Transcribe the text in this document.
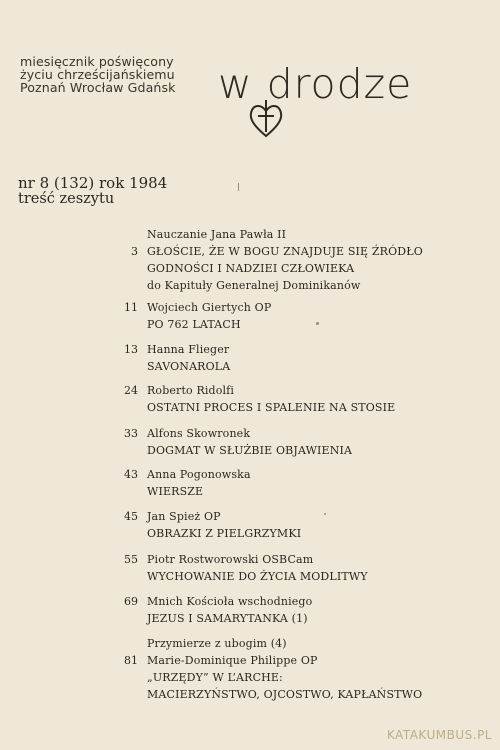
miesięcznik poświęcony
życiu chrześcijańskiemu
Poznań Wrocław Gdańsk w drodze
nr 8 (132) rok 1984
treść zeszytu
3
Nauczanie Jana Pawła II
GŁOŚCIE, ŻE W BOGU ZNAJDUJE SIĘ ŹRÓDŁO
GODNOŚCI I NADZIEI CZŁOWIEKA
do Kapituły Generalnej Dominikanów
11 Wojciech Giertych OP
PO 762 LATACH
13 Hanna Flieger
SAVONAROLA
24 Roberto Ridolfi
OSTATNI PROCES I SPALENIE NA STOSIE
33 Alfons Skowronek
DOGMAT W SŁUŻBIE OBJAWIENIA
43 Anna Pogonowska
WIERSZE
45 Jan Spież OP
OBRAZKI Z PIELGRZYMKI
55 Piotr Rostworowski OSBCam
WYCHOWANIE DO ŻYCIA MODLITWY
69 Mnich Kościoła wschodniego
JEZUS I SAMARYTANKA (1)
81
Przymierze z ubogim (4)
Marie-Dominique Philippe OP
„URZĘDY” W L’ARCHE:
MACIERZYŃSTWO, OJCOSTWO, KAPŁAŃSTWO
KATAKUMBUS.PL
